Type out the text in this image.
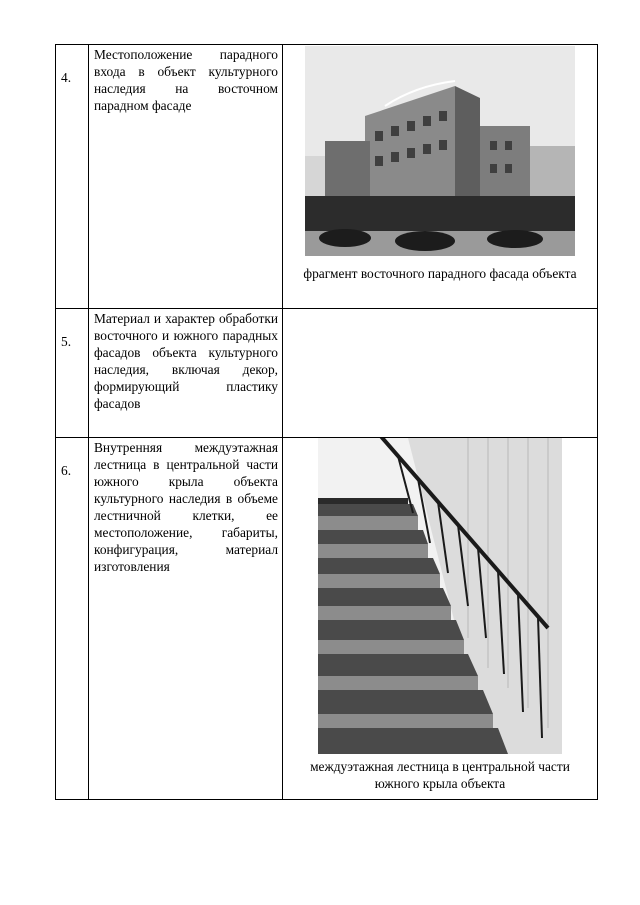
4.	Местоположение парадного входа в объект культурного наследия на восточном парадном фасаде	фрагмент восточного парадного фасада объекта

5.	Материал и характер обработки восточного и южного парадных фасадов объекта культурного наследия, включая декор, формирующий пластику фасадов	

6.	Внутренняя междуэтажная лестница в центральной части южного крыла объекта культурного наследия в объеме лестничной клетки, ее местоположение, габариты, конфигурация, материал изготовления	междуэтажная лестница в центральной части южного крыла объекта
